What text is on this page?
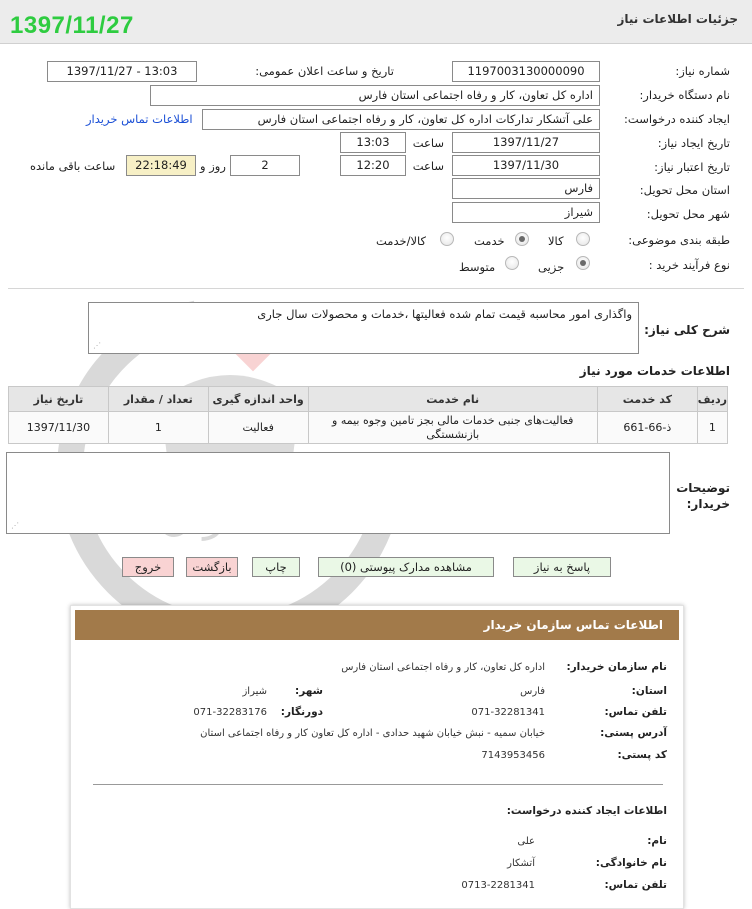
جزئیات اطلاعات نیاز
1397/11/27
شماره نیاز:
1197003130000090
تاریخ و ساعت اعلان عمومی:
1397/11/27 - 13:03
نام دستگاه خریدار:
اداره کل تعاون، کار و رفاه اجتماعی استان فارس
ایجاد کننده درخواست:
علی آتشکار تدارکات اداره کل تعاون، کار و رفاه اجتماعی استان فارس
اطلاعات تماس خریدار
تاریخ ایجاد نیاز:
1397/11/27
ساعت
13:03
تاریخ اعتبار نیاز:
1397/11/30
ساعت
12:20
2
روز و
22:18:49
ساعت باقی مانده
استان محل تحویل:
فارس
شهر محل تحویل:
شیراز
طبقه بندی موضوعی:
کالا
خدمت
کالا/خدمت
نوع فرآیند خرید :
جزیی
متوسط
شرح کلی نیاز:
واگذاری امور محاسبه قیمت تمام شده فعالیتها ،خدمات و محصولات سال جاری
⋰
اطلاعات خدمات مورد نیاز
ردیف	کد خدمت	نام خدمت	واحد اندازه گیری	تعداد / مقدار	تاریخ نیاز
1	ذ-66-661	فعالیت‌های جنبی خدمات مالی بجز تامین وجوه بیمه و بازنشستگی	فعالیت	1	1397/11/30
توضیحات خریدار:
⋰
پاسخ به نیاز
مشاهده مدارک پیوستی (0)
چاپ
بازگشت
خروج
اطلاعات تماس سازمان خریدار
نام سازمان خریدار:
اداره کل تعاون، کار و رفاه اجتماعی استان فارس
استان:
فارس
شهر:
شیراز
تلفن تماس:
071-32281341
دورنگار:
071-32283176
آدرس پستی:
خیابان سمیه - نبش خیابان شهید حدادی - اداره کل تعاون کار و رفاه اجتماعی استان
کد پستی:
7143953456
اطلاعات ایجاد کننده درخواست:
نام:
علی
نام خانوادگی:
آتشکار
تلفن تماس:
0713-2281341
